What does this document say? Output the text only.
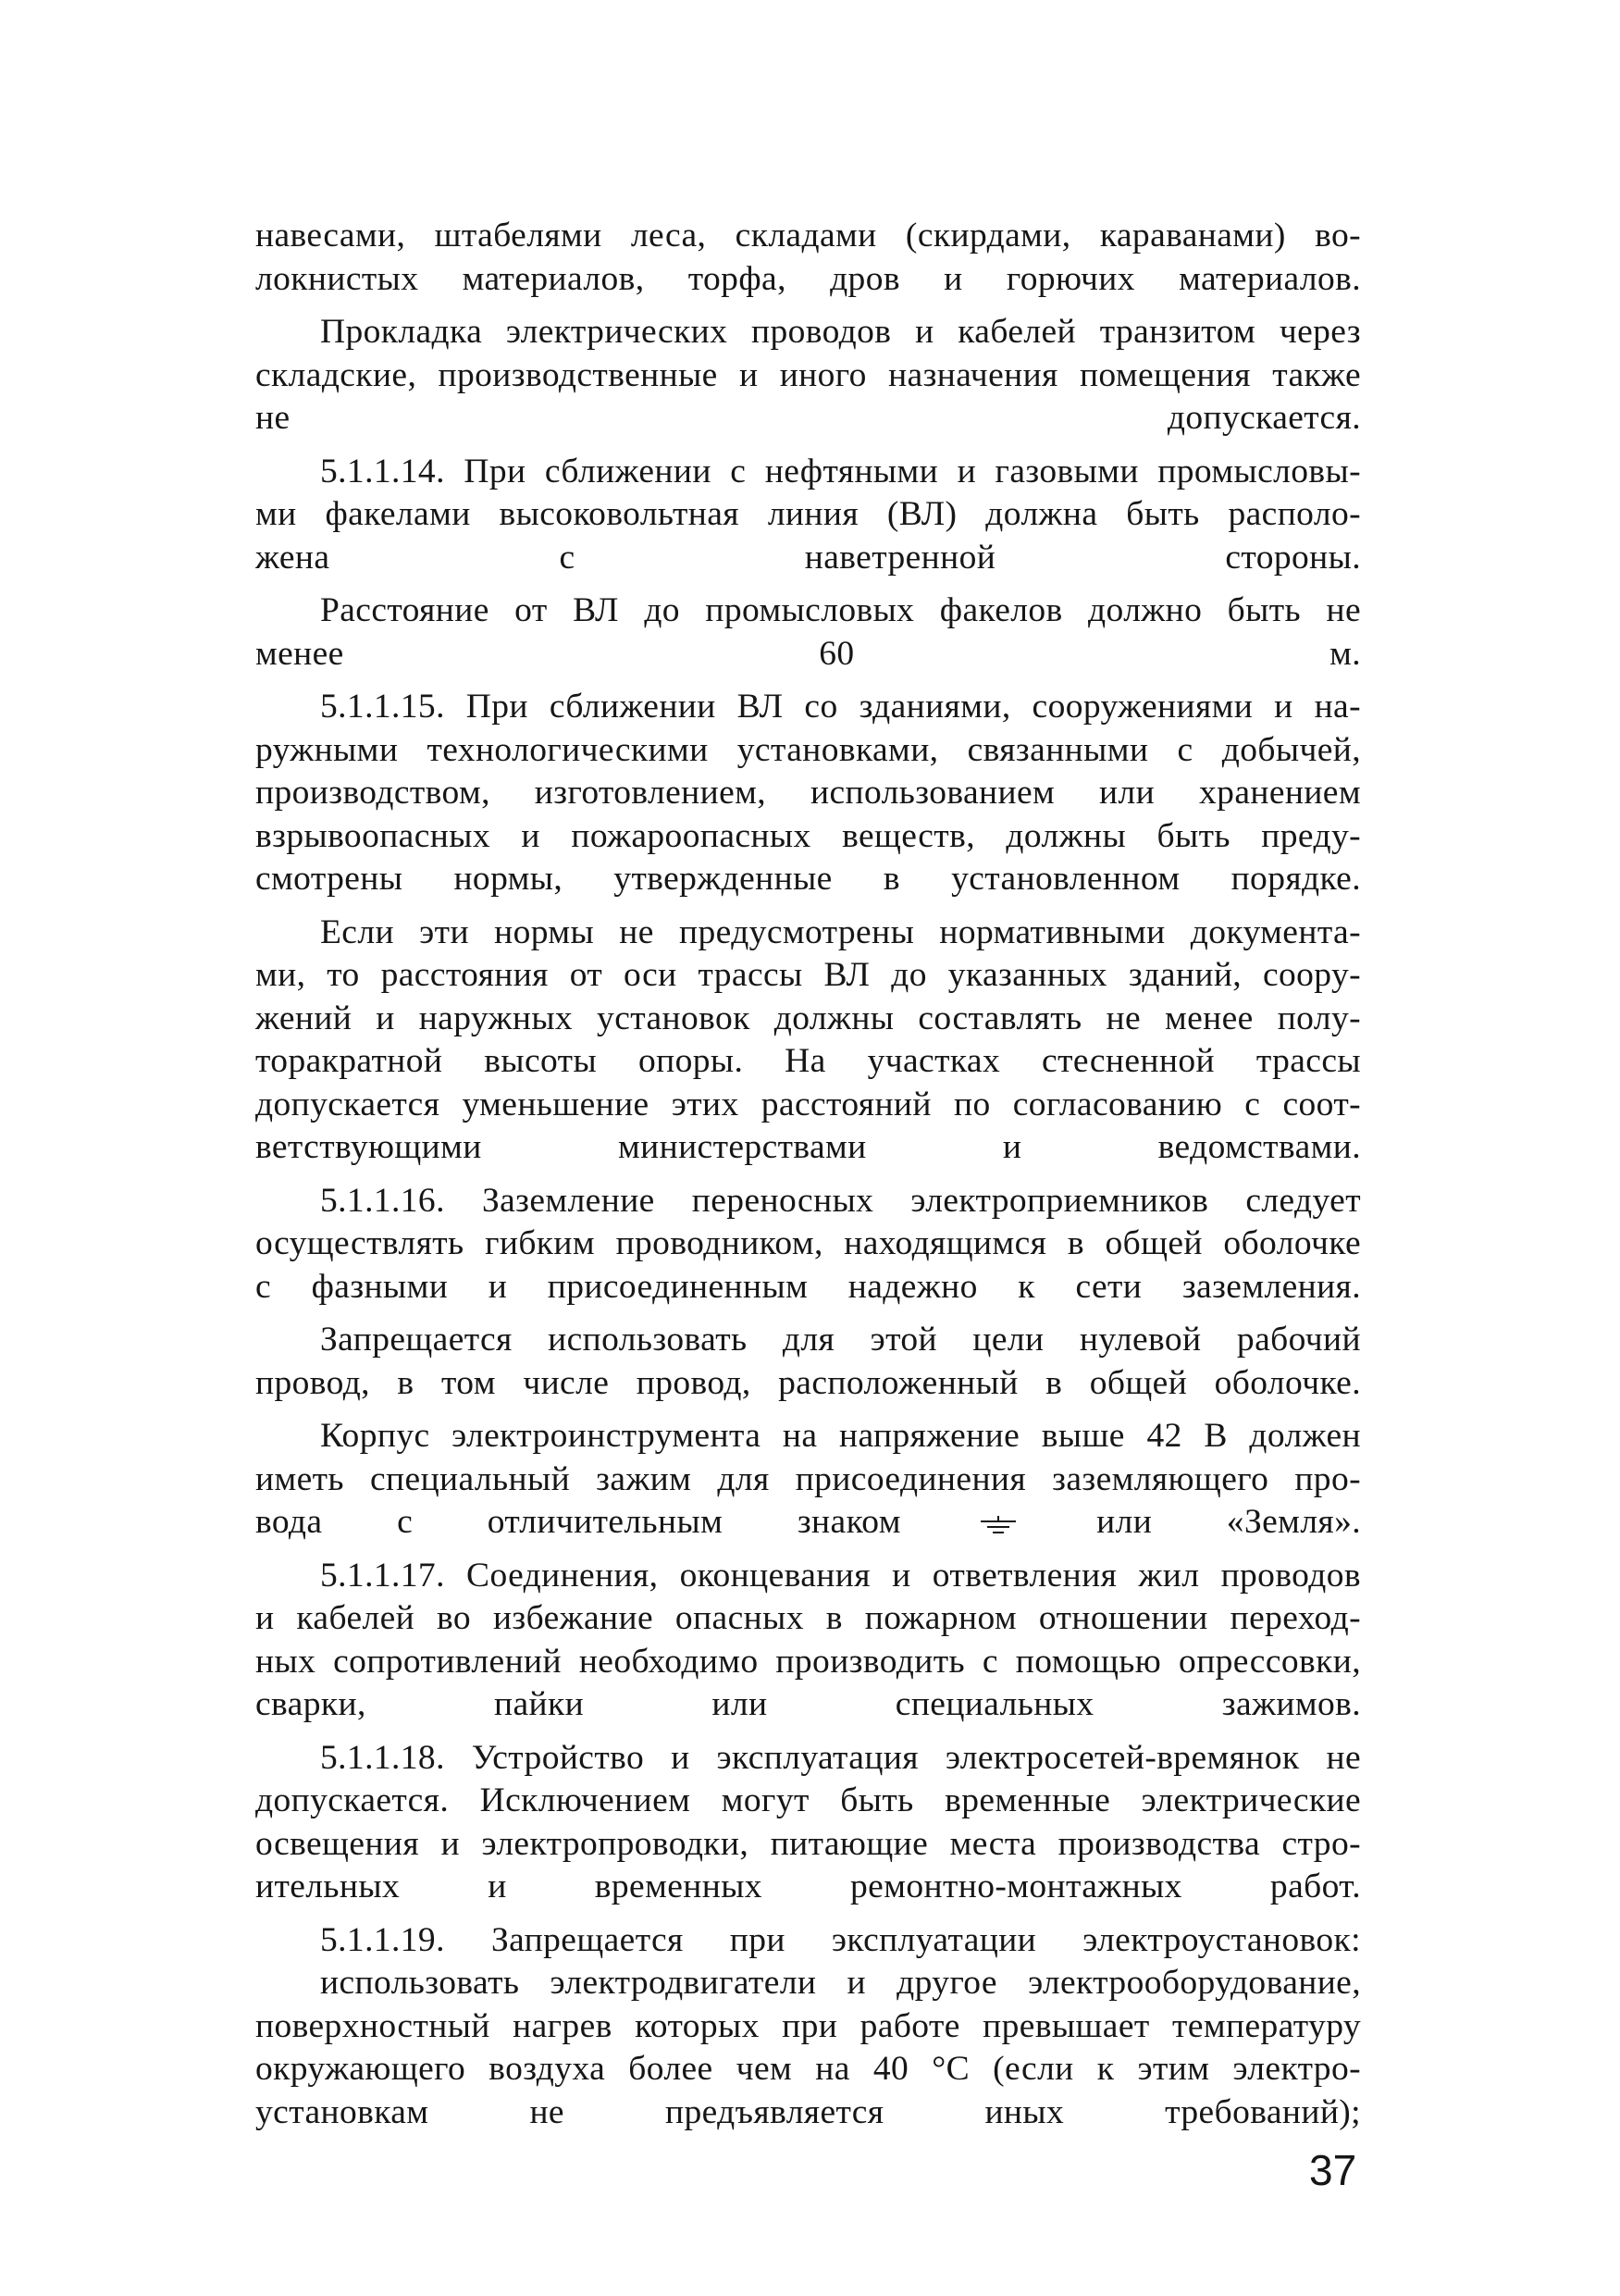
навесами, штабелями леса, складами (скирдами, караванами) во-
локнистых материалов, торфа, дров и горючих материалов.

Прокладка электрических проводов и кабелей транзитом через
складские, производственные и иного назначения помещения также
не допускается.

5.1.1.14. При сближении с нефтяными и газовыми промысловы-
ми факелами высоковольтная линия (ВЛ) должна быть располо-
жена с наветренной стороны.

Расстояние от ВЛ до промысловых факелов должно быть не
менее 60 м.

5.1.1.15. При сближении ВЛ со зданиями, сооружениями и на-
ружными технологическими установками, связанными с добычей,
производством, изготовлением, использованием или хранением
взрывоопасных и пожароопасных веществ, должны быть преду-
смотрены нормы, утвержденные в установленном порядке.

Если эти нормы не предусмотрены нормативными документа-
ми, то расстояния от оси трассы ВЛ до указанных зданий, соору-
жений и наружных установок должны составлять не менее полу-
торакратной высоты опоры. На участках стесненной трассы
допускается уменьшение этих расстояний по согласованию с соот-
ветствующими министерствами и ведомствами.

5.1.1.16. Заземление переносных электроприемников следует
осуществлять гибким проводником, находящимся в общей оболочке
с фазными и присоединенным надежно к сети заземления.

Запрещается использовать для этой цели нулевой рабочий
провод, в том числе провод, расположенный в общей оболочке.

Корпус электроинструмента на напряжение выше 42 В должен
иметь специальный зажим для присоединения заземляющего про-
вода с отличительным знаком	или «Земля».

5.1.1.17. Соединения, оконцевания и ответвления жил проводов
и кабелей во избежание опасных в пожарном отношении переход-
ных сопротивлений необходимо производить с помощью опрессовки,
сварки, пайки или специальных зажимов.

5.1.1.18. Устройство и эксплуатация электросетей-времянок не
допускается. Исключением могут быть временные электрические
освещения и электропроводки, питающие места производства стро-
ительных и временных ремонтно-монтажных работ.

5.1.1.19. Запрещается при эксплуатации электроустановок:

использовать электродвигатели и другое электрооборудование,
поверхностный нагрев которых при работе превышает температуру
окружающего воздуха более чем на 40 °С (если к этим электро-
установкам не предъявляется иных требований);

37
